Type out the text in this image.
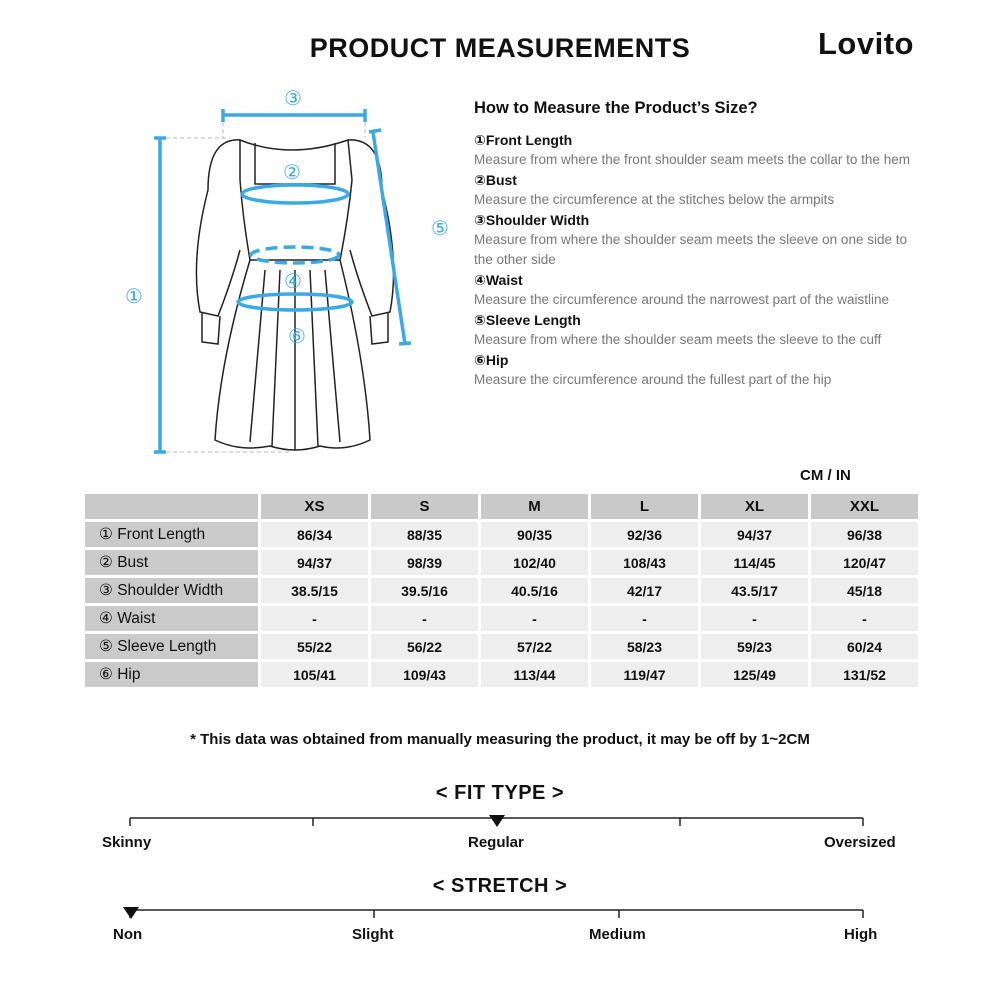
PRODUCT MEASUREMENTS	Lovito
①
②
③
④
⑤
⑥
How to Measure the Product’s Size?
①Front Length
Measure from where the front shoulder seam meets the collar to the hem
②Bust
Measure the circumference at the stitches below the armpits
③Shoulder Width
Measure from where the shoulder seam meets the sleeve on one side to the other side
④Waist
Measure the circumference around the narrowest part of the waistline
⑤Sleeve Length
Measure from where the shoulder seam meets the sleeve to the cuff
⑥Hip
Measure the circumference around the fullest part of the hip
CM / IN
	XS	S	M	L	XL	XXL
① Front Length	86/34	88/35	90/35	92/36	94/37	96/38
② Bust	94/37	98/39	102/40	108/43	114/45	120/47
③ Shoulder Width	38.5/15	39.5/16	40.5/16	42/17	43.5/17	45/18
④ Waist	-	-	-	-	-	-
⑤ Sleeve Length	55/22	56/22	57/22	58/23	59/23	60/24
⑥ Hip	105/41	109/43	113/44	119/47	125/49	131/52
* This data was obtained from manually measuring the product, it may be off by 1~2CM
< FIT TYPE >
Skinny	Regular	Oversized
< STRETCH >
Non	Slight	Medium	High
